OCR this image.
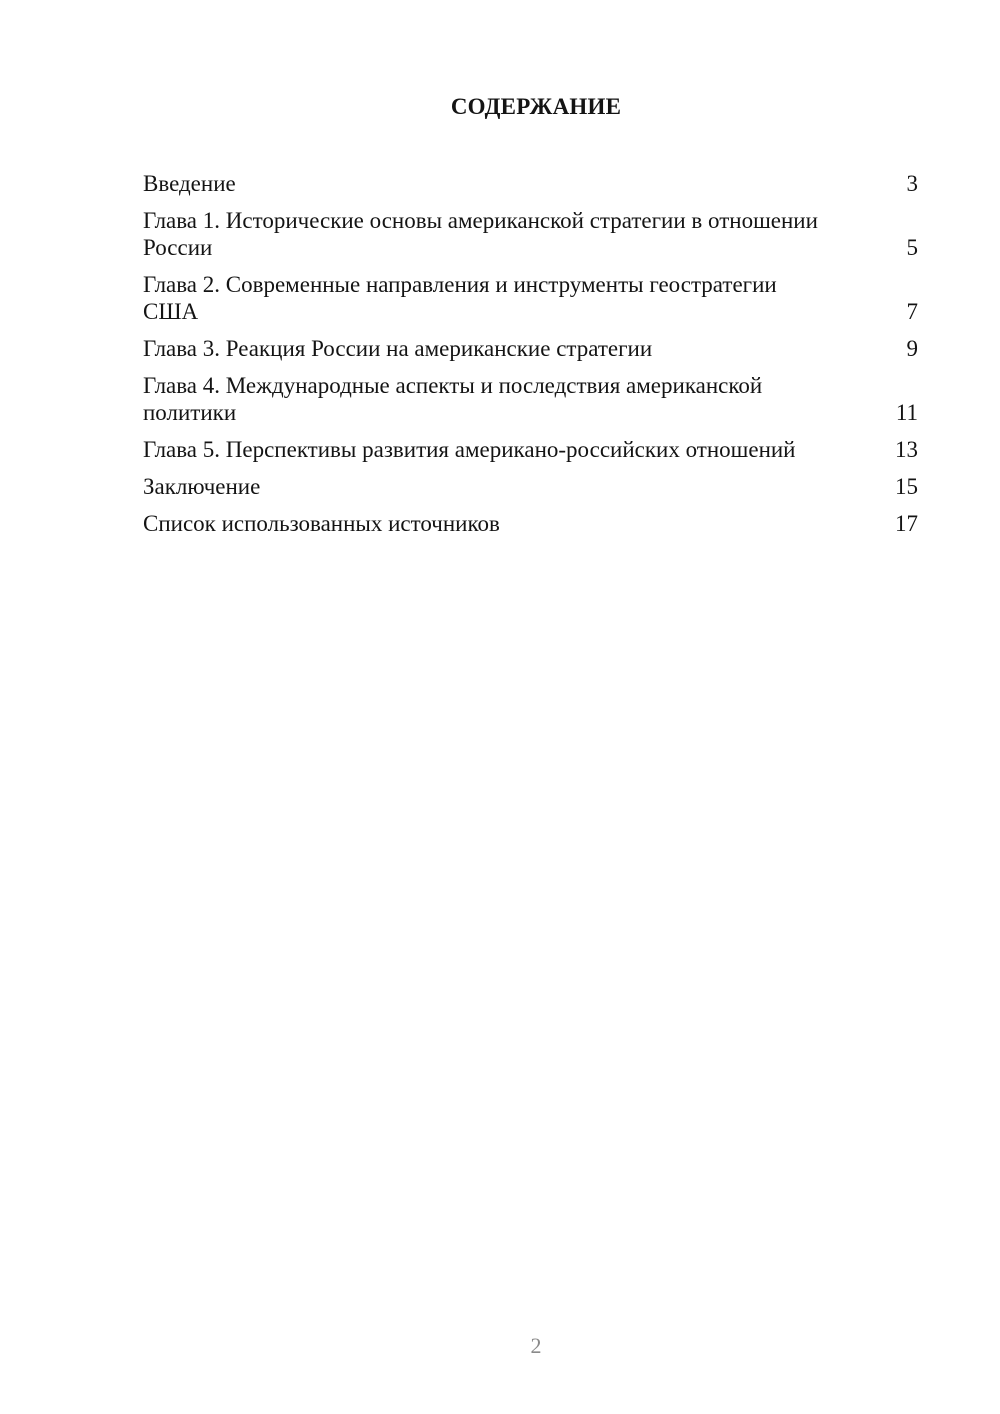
СОДЕРЖАНИЕ
Введение	3
Глава 1. Исторические основы американской стратегии в отношении России	5
Глава 2. Современные направления и инструменты геостратегии США	7
Глава 3. Реакция России на американские стратегии	9
Глава 4. Международные аспекты и последствия американской политики	11
Глава 5. Перспективы развития американо-российских отношений	13
Заключение	15
Список использованных источников	17
2
